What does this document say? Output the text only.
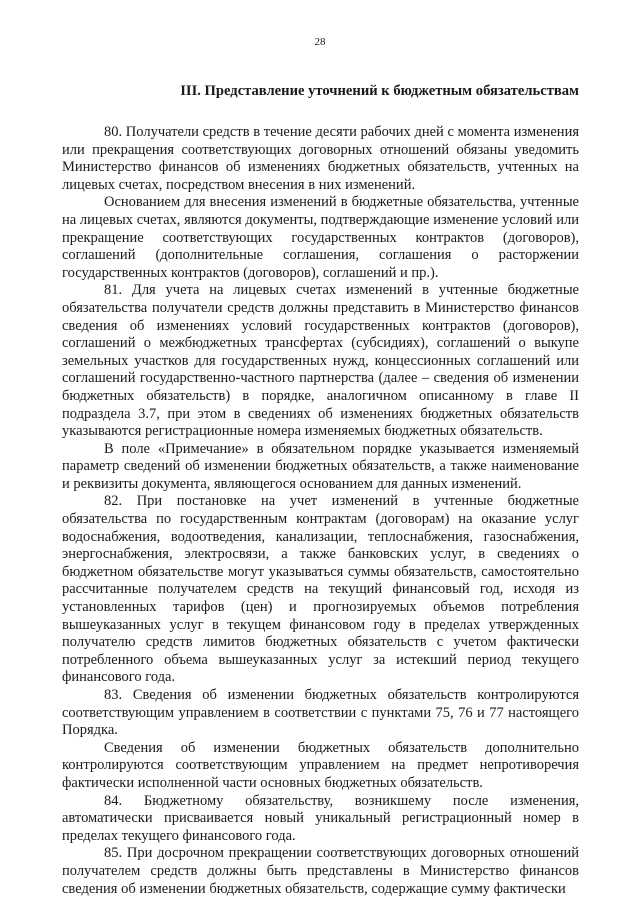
28
III. Представление уточнений к бюджетным обязательствам

80. Получатели средств в течение десяти рабочих дней с момента изменения или прекращения соответствующих договорных отношений обязаны уведомить Министерство финансов об изменениях бюджетных обязательств, учтенных на лицевых счетах, посредством внесения в них изменений.

Основанием для внесения изменений в бюджетные обязательства, учтенные на лицевых счетах, являются документы, подтверждающие изменение условий или прекращение соответствующих государственных контрактов (договоров), соглашений (дополнительные соглашения, соглашения о расторжении государственных контрактов (договоров), соглашений и пр.).

81. Для учета на лицевых счетах изменений в учтенные бюджетные обязательства получатели средств должны представить в Министерство финансов сведения об изменениях условий государственных контрактов (договоров), соглашений о межбюджетных трансфертах (субсидиях), соглашений о выкупе земельных участков для государственных нужд, концессионных соглашений или соглашений государственно-частного партнерства (далее – сведения об изменении бюджетных обязательств) в порядке, аналогичном описанному в главе II подраздела 3.7, при этом в сведениях об изменениях бюджетных обязательств указываются регистрационные номера изменяемых бюджетных обязательств.

В поле «Примечание» в обязательном порядке указывается изменяемый параметр сведений об изменении бюджетных обязательств, а также наименование и реквизиты документа, являющегося основанием для данных изменений.

82. При постановке на учет изменений в учтенные бюджетные обязательства по государственным контрактам (договорам) на оказание услуг водоснабжения, водоотведения, канализации, теплоснабжения, газоснабжения, энергоснабжения, электросвязи, а также банковских услуг, в сведениях о бюджетном обязательстве могут указываться суммы обязательств, самостоятельно рассчитанные получателем средств на текущий финансовый год, исходя из установленных тарифов (цен) и прогнозируемых объемов потребления вышеуказанных услуг в текущем финансовом году в пределах утвержденных получателю средств лимитов бюджетных обязательств с учетом фактически потребленного объема вышеуказанных услуг за истекший период текущего финансового года.

83. Сведения об изменении бюджетных обязательств контролируются соответствующим управлением в соответствии с пунктами 75, 76 и 77 настоящего Порядка.

Сведения об изменении бюджетных обязательств дополнительно контролируются соответствующим управлением на предмет непротиворечия фактически исполненной части основных бюджетных обязательств.

84. Бюджетному обязательству, возникшему после изменения, автоматически присваивается новый уникальный регистрационный номер в пределах текущего финансового года.

85. При досрочном прекращении соответствующих договорных отношений получателем средств должны быть представлены в Министерство финансов сведения об изменении бюджетных обязательств, содержащие сумму фактически
